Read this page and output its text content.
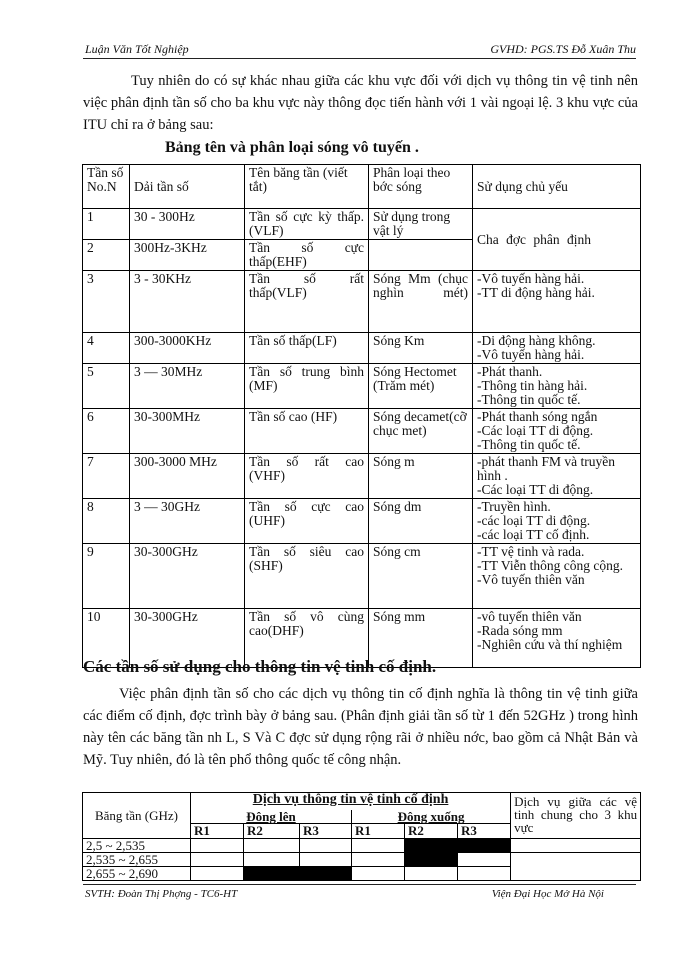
Luận Văn Tốt Nghiệp	GVHD: PGS.TS Đỗ Xuân Thu

Tuy nhiên do có sự khác nhau giữa các khu vực đối với dịch vụ thông tin vệ tinh nên việc phân định tần số cho ba khu vực này thông đọc tiến hành với 1 vài ngoại lệ. 3 khu vực của ITU chỉ ra ở bảng sau:

Bảng tên và phân loại sóng vô tuyến .
Tần số No.N	Dải tần số	Tên băng tần (viết tắt)	Phân loại theo bớc sóng	Sử dụng chủ yếu
1	30 - 300Hz	Tần số cực kỳ thấp.(VLF)	Sử dụng trong vật lý	Cha đợc phân định
2	300Hz-3KHz	Tần số cực thấp(EHF)		
3	3 - 30KHz	Tần số rất thấp(VLF)	Sóng Mm (chục nghìn mét)	-Vô tuyến hàng hải.
-TT di động hàng hải.
4	300-3000KHz	Tần số thấp(LF)	Sóng Km	-Di động hàng không.
-Vô tuyến hàng hải.
5	3 — 30MHz	Tần số trung bình (MF)	Sóng Hectomet (Trăm mét)	-Phát thanh.
-Thông tin hàng hải.
-Thông tin quốc tế.
6	30-300MHz	Tần số cao (HF)	Sóng decamet(cỡ chục met)	-Phát thanh sóng ngắn
-Các loại TT di động.
-Thông tin quốc tế.
7	300-3000 MHz	Tần số rất cao (VHF)	Sóng m	-phát thanh FM và truyền hình .
-Các loại TT di động.
8	3 — 30GHz	Tần số cực cao (UHF)	Sóng dm	-Truyền hình.
-các loại TT di động.
-các loại TT cố định.
9	30-300GHz	Tần số siêu cao (SHF)	Sóng cm	-TT vệ tinh và rada.
-TT Viễn thông công cộng.
-Vô tuyến thiên văn
10	30-300GHz	Tần số vô cùng cao(DHF)	Sóng mm	-vô tuyến thiên văn
-Rada sóng mm
-Nghiên cứu và thí nghiệm
Các tần số sử dụng cho thông tin vệ tinh cố định.

Việc phân định tần số cho các dịch vụ thông tin cố định nghĩa là thông tin vệ tinh giữa các điểm cố định, đợc trình bày ở bảng sau. (Phân định giải tần số từ 1 đến 52GHz ) trong hình này tên các băng tần nh L, S Và C đợc sử dụng rộng rãi ở nhiều nớc, bao gồm cả Nhật Bản và Mỹ. Tuy nhiên, đó là tên phổ thông quốc tế công nhận.

Băng tần (GHz)	Dịch vụ thông tin vệ tinh cố định						Dịch vụ giữa các vệ tinh chung cho 3 khu vực
	Đông lên			Đông xuống			
	R1	R2	R3	R1	R2	R3	
2,5 ~ 2,535							
2,535 ~ 2,655							
2,655 ~ 2,690							
SVTH: Đoàn Thị Phợng - TC6-HT	Viện Đại Học Mở Hà Nội
